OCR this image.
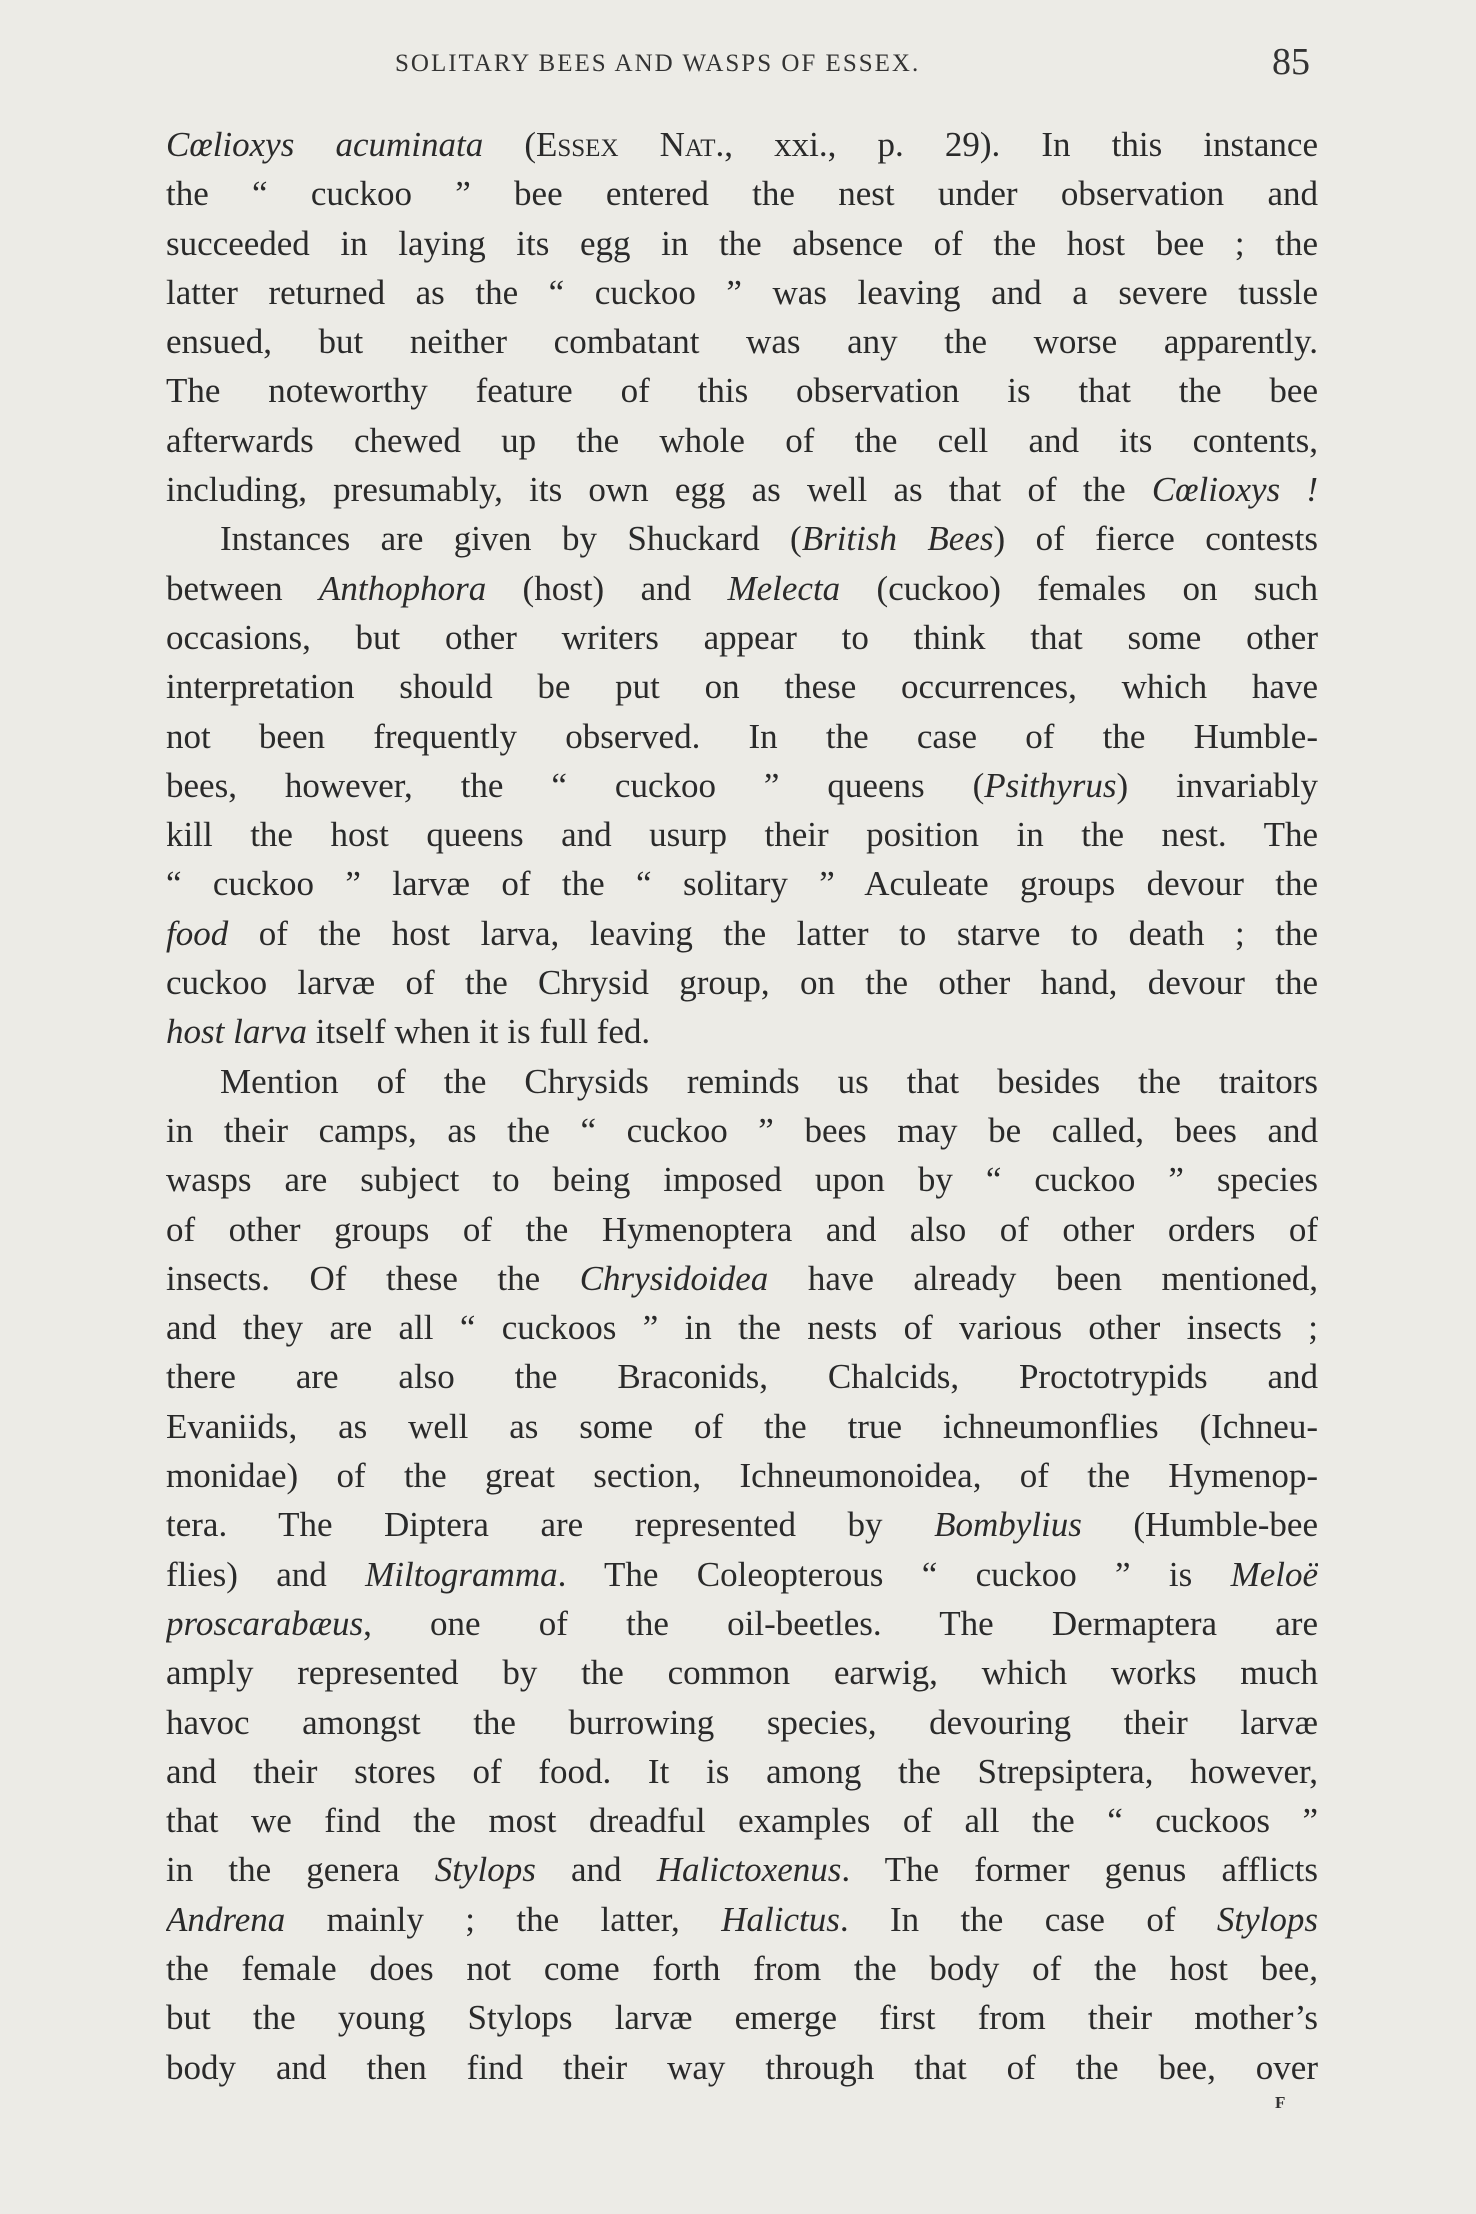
SOLITARY BEES AND WASPS OF ESSEX.	85
Cœlioxys acuminata (Essex Nat., xxi., p. 29). In this instance
the “ cuckoo ” bee entered the nest under observation and
succeeded in laying its egg in the absence of the host bee ; the
latter returned as the “ cuckoo ” was leaving and a severe tussle
ensued, but neither combatant was any the worse apparently.
The noteworthy feature of this observation is that the bee
afterwards chewed up the whole of the cell and its contents,
including, presumably, its own egg as well as that of the Cœlioxys !
Instances are given by Shuckard (British Bees) of fierce contests
between Anthophora (host) and Melecta (cuckoo) females on such
occasions, but other writers appear to think that some other
interpretation should be put on these occurrences, which have
not been frequently observed. In the case of the Humble-
bees, however, the “ cuckoo ” queens (Psithyrus) invariably
kill the host queens and usurp their position in the nest. The
“ cuckoo ” larvæ of the “ solitary ” Aculeate groups devour the
food of the host larva, leaving the latter to starve to death ; the
cuckoo larvæ of the Chrysid group, on the other hand, devour the
host larva itself when it is full fed.
Mention of the Chrysids reminds us that besides the traitors
in their camps, as the “ cuckoo ” bees may be called, bees and
wasps are subject to being imposed upon by “ cuckoo ” species
of other groups of the Hymenoptera and also of other orders of
insects. Of these the Chrysidoidea have already been mentioned,
and they are all “ cuckoos ” in the nests of various other insects ;
there are also the Braconids, Chalcids, Proctotrypids and
Evaniids, as well as some of the true ichneumonflies (Ichneu-
monidae) of the great section, Ichneumonoidea, of the Hymenop-
tera. The Diptera are represented by Bombylius (Humble-bee
flies) and Miltogramma. The Coleopterous “ cuckoo ” is Meloë
proscarabæus, one of the oil-beetles. The Dermaptera are
amply represented by the common earwig, which works much
havoc amongst the burrowing species, devouring their larvæ
and their stores of food. It is among the Strepsiptera, however,
that we find the most dreadful examples of all the “ cuckoos ”
in the genera Stylops and Halictoxenus. The former genus afflicts
Andrena mainly ; the latter, Halictus. In the case of Stylops
the female does not come forth from the body of the host bee,
but the young Stylops larvæ emerge first from their mother’s
body and then find their way through that of the bee, over
F
